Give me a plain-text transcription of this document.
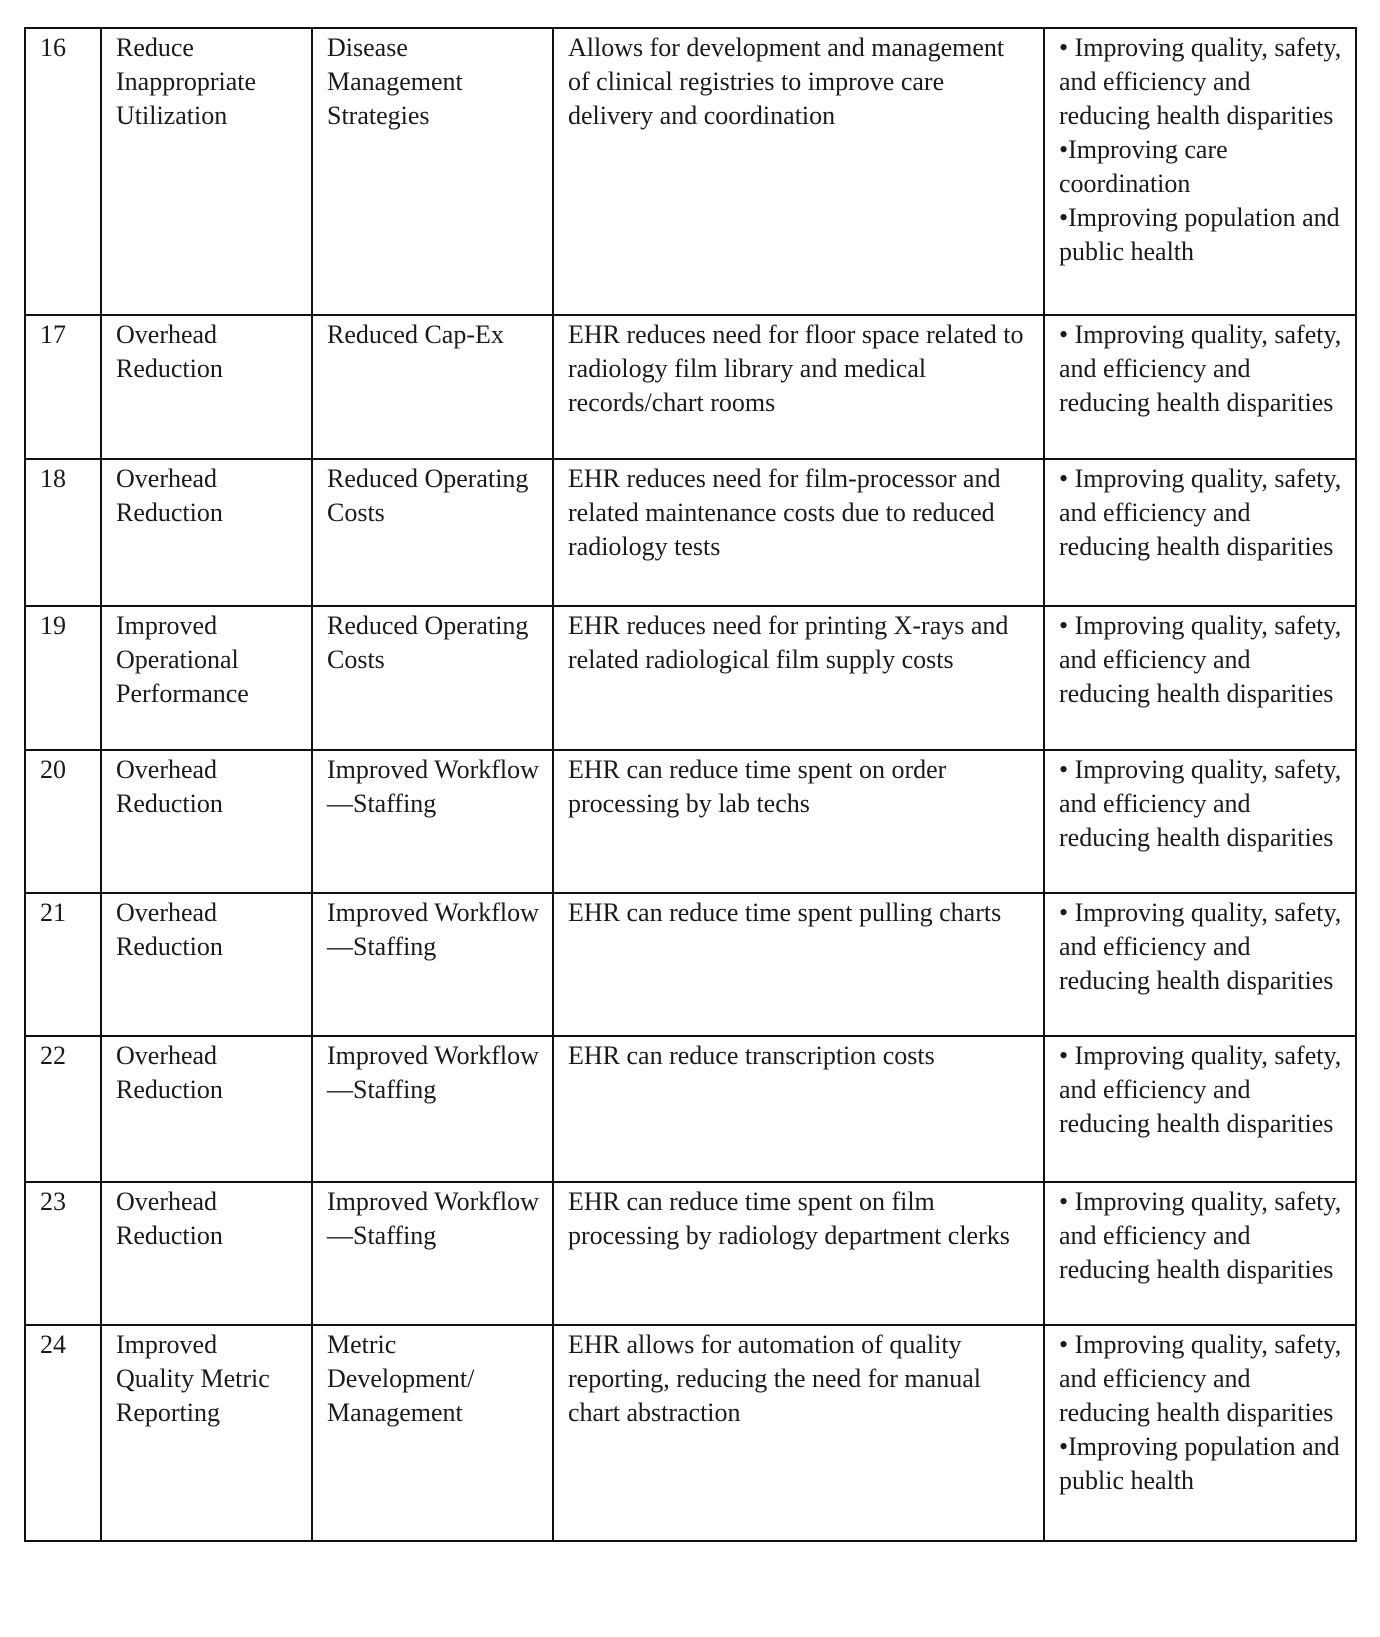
16	Reduce Inappropriate Utilization	Disease Management Strategies	Allows for development and management of clinical registries to improve care delivery and coordination	• Improving quality, safety, and efficiency and reducing health disparities
•Improving care coordination
•Improving population and public health

17	Overhead Reduction	Reduced Cap-Ex	EHR reduces need for floor space related to radiology film library and medical records/chart rooms	• Improving quality, safety, and efficiency and reducing health disparities

18	Overhead Reduction	Reduced Operating Costs	EHR reduces need for film-processor and related maintenance costs due to reduced radiology tests	• Improving quality, safety, and efficiency and reducing health disparities

19	Improved Operational Performance	Reduced Operating Costs	EHR reduces need for printing X-rays and related radiological film supply costs	• Improving quality, safety, and efficiency and reducing health disparities

20	Overhead Reduction	Improved Workflow—Staffing	EHR can reduce time spent on order processing by lab techs	• Improving quality, safety, and efficiency and reducing health disparities

21	Overhead Reduction	Improved Workflow—Staffing	EHR can reduce time spent pulling charts	• Improving quality, safety, and efficiency and reducing health disparities

22	Overhead Reduction	Improved Workflow—Staffing	EHR can reduce transcription costs	• Improving quality, safety, and efficiency and reducing health disparities

23	Overhead Reduction	Improved Workflow—Staffing	EHR can reduce time spent on film processing by radiology department clerks	• Improving quality, safety, and efficiency and reducing health disparities

24	Improved Quality Metric Reporting	Metric Development/ Management	EHR allows for automation of quality reporting, reducing the need for manual chart abstraction	• Improving quality, safety, and efficiency and reducing health disparities
•Improving population and public health
